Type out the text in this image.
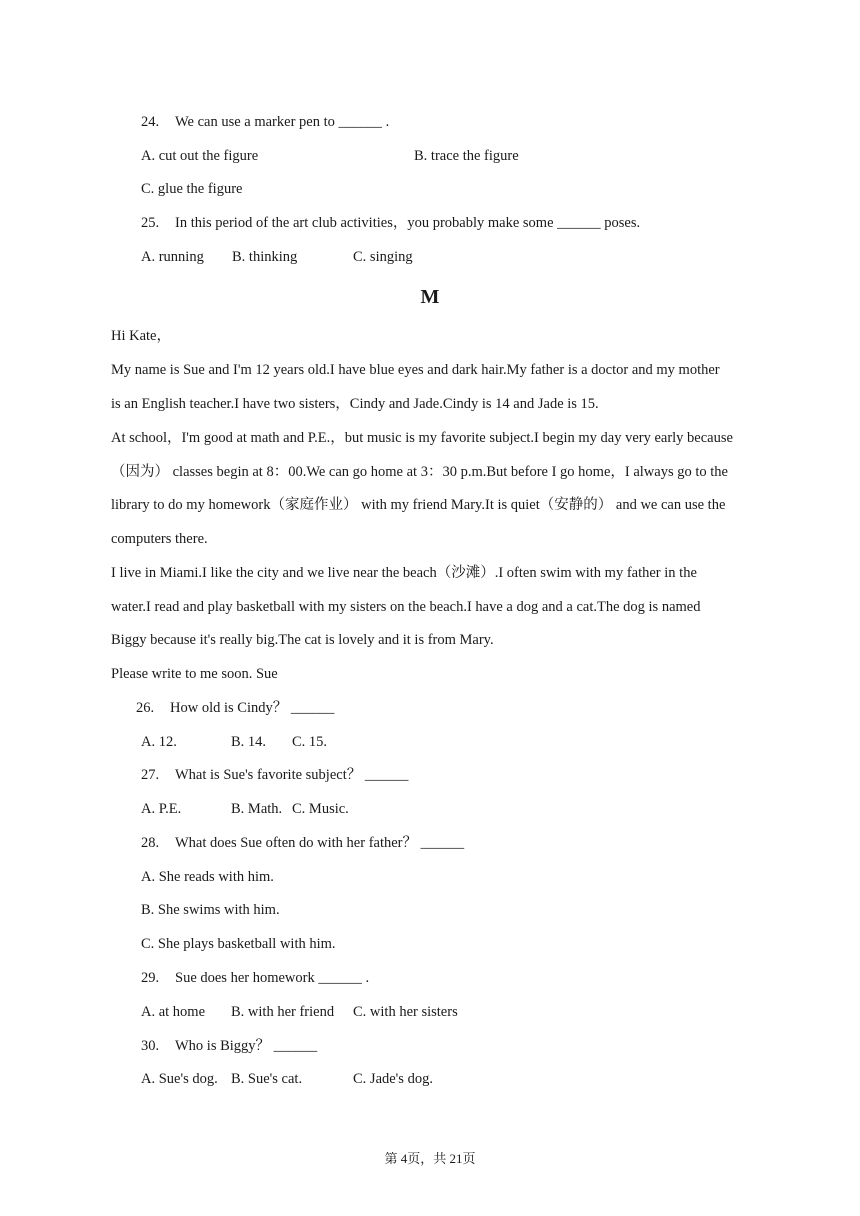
24. We can use a marker pen to ______ .
A. cut out the figure	B. trace the figure
C. glue the figure
25. In this period of the art club activities，you probably make some ______ poses.
A. running B. thinking	C. singing
M
Hi Kate，
My name is Sue and I'm 12 years old.I have blue eyes and dark hair.My father is a doctor and my mother
is an English teacher.I have two sisters，Cindy and Jade.Cindy is 14 and Jade is 15.
At school，I'm good at math and P.E.，but music is my favorite subject.I begin my day very early because
（因为） classes begin at 8：00.We can go home at 3：30 p.m.But before I go home，I always go to the
library to do my homework（家庭作业） with my friend Mary.It is quiet（安静的） and we can use the
computers there.
I live in Miami.I like the city and we live near the beach（沙滩）.I often swim with my father in the
water.I read and play basketball with my sisters on the beach.I have a dog and a cat.The dog is named
Biggy because it's really big.The cat is lovely and it is from Mary.
Please write to me soon. Sue
26. How old is Cindy？ ______
A. 12.	B. 14. C. 15.
27. What is Sue's favorite subject？ ______
A. P.E.	B. Math. C. Music.
28. What does Sue often do with her father？ ______
A. She reads with him.
B. She swims with him.
C. She plays basketball with him.
29. Sue does her homework ______ .
A. at home B. with her friend C. with her sisters
30. Who is Biggy？ ______
A. Sue's dog. B. Sue's cat.	C. Jade's dog.
第 4页，共 21页
